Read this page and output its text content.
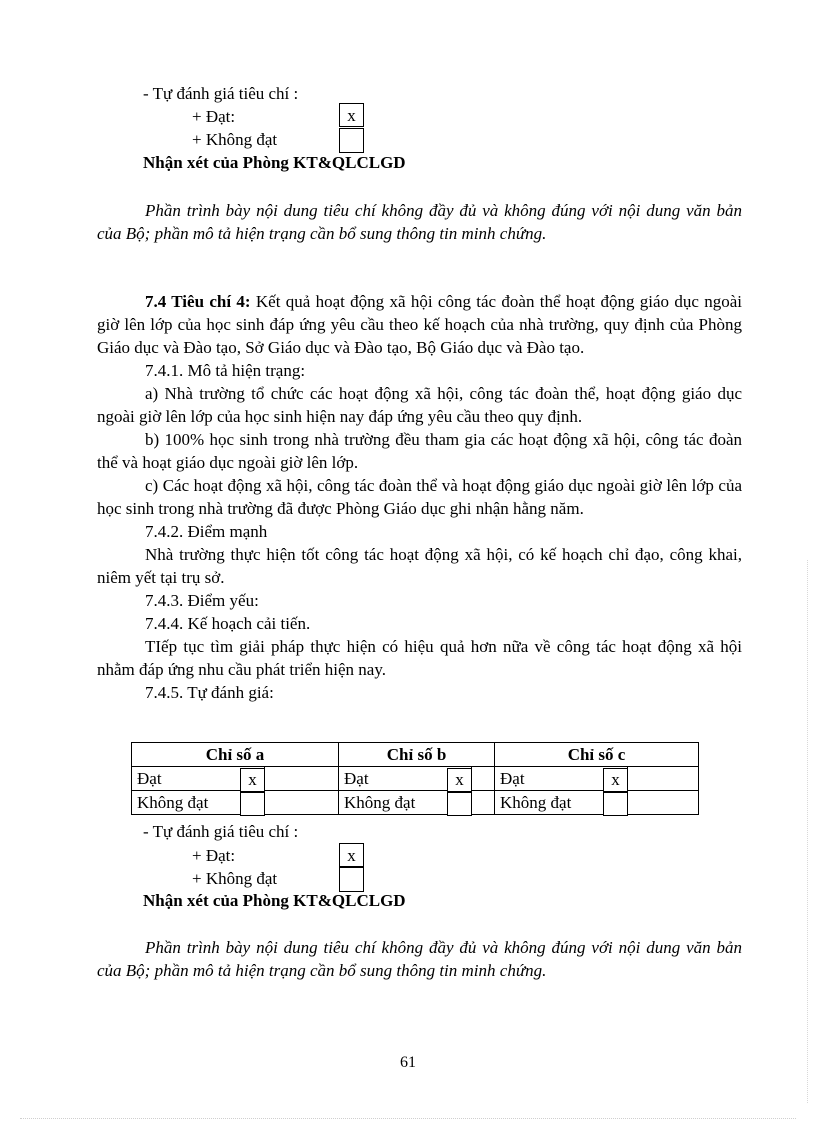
- Tự đánh giá tiêu chí :
+ Đạt:	x
+ Không đạt
Nhận xét của Phòng KT&QLCLGD

Phần trình bày nội dung tiêu chí không đầy đủ và không đúng với nội dung văn bản của Bộ; phần mô tả hiện trạng cần bổ sung thông tin minh chứng.

7.4 Tiêu chí 4: Kết quả hoạt động xã hội công tác đoàn thể hoạt động giáo dục ngoài giờ lên lớp của học sinh đáp ứng yêu cầu theo kế hoạch của nhà trường, quy định của Phòng Giáo dục và Đào tạo, Sở Giáo dục và Đào tạo, Bộ Giáo dục và Đào tạo.

7.4.1. Mô tả hiện trạng:

a) Nhà trường tổ chức các hoạt động xã hội, công tác đoàn thể, hoạt động giáo dục ngoài giờ lên lớp của học sinh hiện nay đáp ứng yêu cầu theo quy định.

b) 100% học sinh trong nhà trường đều tham gia các hoạt động xã hội, công tác đoàn thể và hoạt giáo dục ngoài giờ lên lớp.

c) Các hoạt động xã hội, công tác đoàn thể và hoạt động giáo dục ngoài giờ lên lớp của học sinh trong nhà trường đã được Phòng Giáo dục ghi nhận hằng năm.

7.4.2. Điểm mạnh

Nhà trường thực hiện tốt công tác hoạt động xã hội, có kế hoạch chỉ đạo, công khai, niêm yết tại trụ sở.

7.4.3. Điểm yếu:

7.4.4. Kế hoạch cải tiến.

TIếp tục tìm giải pháp thực hiện có hiệu quả hơn nữa về công tác hoạt động xã hội nhằm đáp ứng nhu cầu phát triển hiện nay.

7.4.5. Tự đánh giá:

Chỉ số a		Chỉ số b		Chỉ số c	
Đạt x		Đạt x		Đạt x	

Không đạt		Không đạt		Không đạt

- Tự đánh giá tiêu chí :
+ Đạt:	x
+ Không đạt
Nhận xét của Phòng KT&QLCLGD

Phần trình bày nội dung tiêu chí không đầy đủ và không đúng với nội dung văn bản của Bộ; phần mô tả hiện trạng cần bổ sung thông tin minh chứng.

61
